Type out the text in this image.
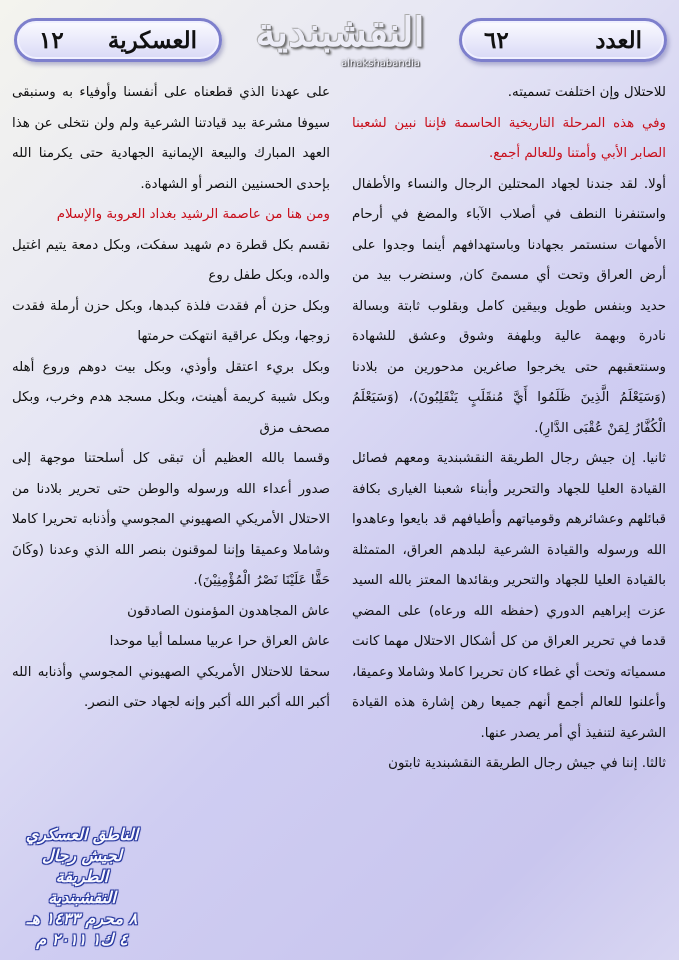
١٢ العسكرية	النقشبندية
alnakshabandia
٦٢	العدد

للاحتلال وإن اختلفت تسميته.

وفي هذه المرحلة التاريخية الحاسمة فإننا نبين لشعبنا الصابر الأبي وأمتنا وللعالم أجمع.

أولا. لقد جندنا لجهاد المحتلين الرجال والنساء والأطفال واستنفرنا النطف في أصلاب الآباء والمضغ في أرحام الأمهات سنستمر بجهادنا وباستهدافهم أينما وجدوا على أرض العراق وتحت أي مسمىً كان, وسنضرب بيد من حديد وبنفس طويل وبيقين كامل وبقلوب ثابتة وبسالة نادرة وبهمة عالية وبلهفة وشوق وعشق للشهادة وسنتعقبهم حتى يخرجوا صاغرين مدحورين من بلادنا (وَسَيَعْلَمُ الَّذِينَ ظَلَمُوا أَيَّ مُنقَلَبٍ يَنْقَلِبُونَ)، (وَسَيَعْلَمُ الْكُفَّارُ لِمَنْ عُقْبَى الدَّارِ).

ثانيا. إن جيش رجال الطريقة النقشبندية ومعهم فصائل القيادة العليا للجهاد والتحرير وأبناء شعبنا الغيارى بكافة قبائلهم وعشائرهم وقومياتهم وأطيافهم قد بايعوا وعاهدوا الله ورسوله والقيادة الشرعية لبلدهم العراق، المتمثلة بالقيادة العليا للجهاد والتحرير وبقائدها المعتز بالله السيد عزت إبراهيم الدوري (حفظه الله ورعاه) على المضي قدما في تحرير العراق من كل أشكال الاحتلال مهما كانت مسمياته وتحت أي غطاء كان تحريرا كاملا وشاملا وعميقا، وأعلنوا للعالم أجمع أنهم جميعا رهن إشارة هذه القيادة الشرعية لتنفيذ أي أمر يصدر عنها.

ثالثا. إننا في جيش رجال الطريقة النقشبندية ثابتون

على عهدنا الذي قطعناه على أنفسنا وأوفياء به وسنبقى سيوفا مشرعة بيد قيادتنا الشرعية ولم ولن نتخلى عن هذا العهد المبارك والبيعة الإيمانية الجهادية حتى يكرمنا الله بإحدى الحسنيين النصر أو الشهادة.

ومن هنا من عاصمة الرشيد بغداد العروبة والإسلام

نقسم بكل قطرة دم شهيد سفكت، وبكل دمعة يتيم اغتيل والده، وبكل طفل روع

وبكل حزن أم فقدت فلذة كبدها، وبكل حزن أرملة فقدت زوجها، وبكل عراقية انتهكت حرمتها

وبكل بريء اعتقل وأوذي، وبكل بيت دوهم وروع أهله وبكل شيبة كريمة أهينت، وبكل مسجد هدم وخرب، وبكل مصحف مزق

وقسما بالله العظيم أن تبقى كل أسلحتنا موجهة إلى صدور أعداء الله ورسوله والوطن حتى تحرير بلادنا من الاحتلال الأمريكي الصهيوني المجوسي وأذنابه تحريرا كاملا وشاملا وعميقا وإننا لموقنون بنصر الله الذي وعدنا (وكَانَ حَقًّا عَلَيْنَا نَصْرُ الْمُؤْمِنِيْنَ).

عاش المجاهدون المؤمنون الصادقون

عاش العراق حرا عربيا مسلما أبيا موحدا

سحقا للاحتلال الأمريكي الصهيوني المجوسي وأذنابه الله أكبر الله أكبر الله أكبر وإنه لجهاد حتى النصر.

الناطق العسكري
لجيش رجال الطريقة
النقشبندية
٨ محرم ١٤٣٣ هـ
٤ ك١ ٢٠١١ م
